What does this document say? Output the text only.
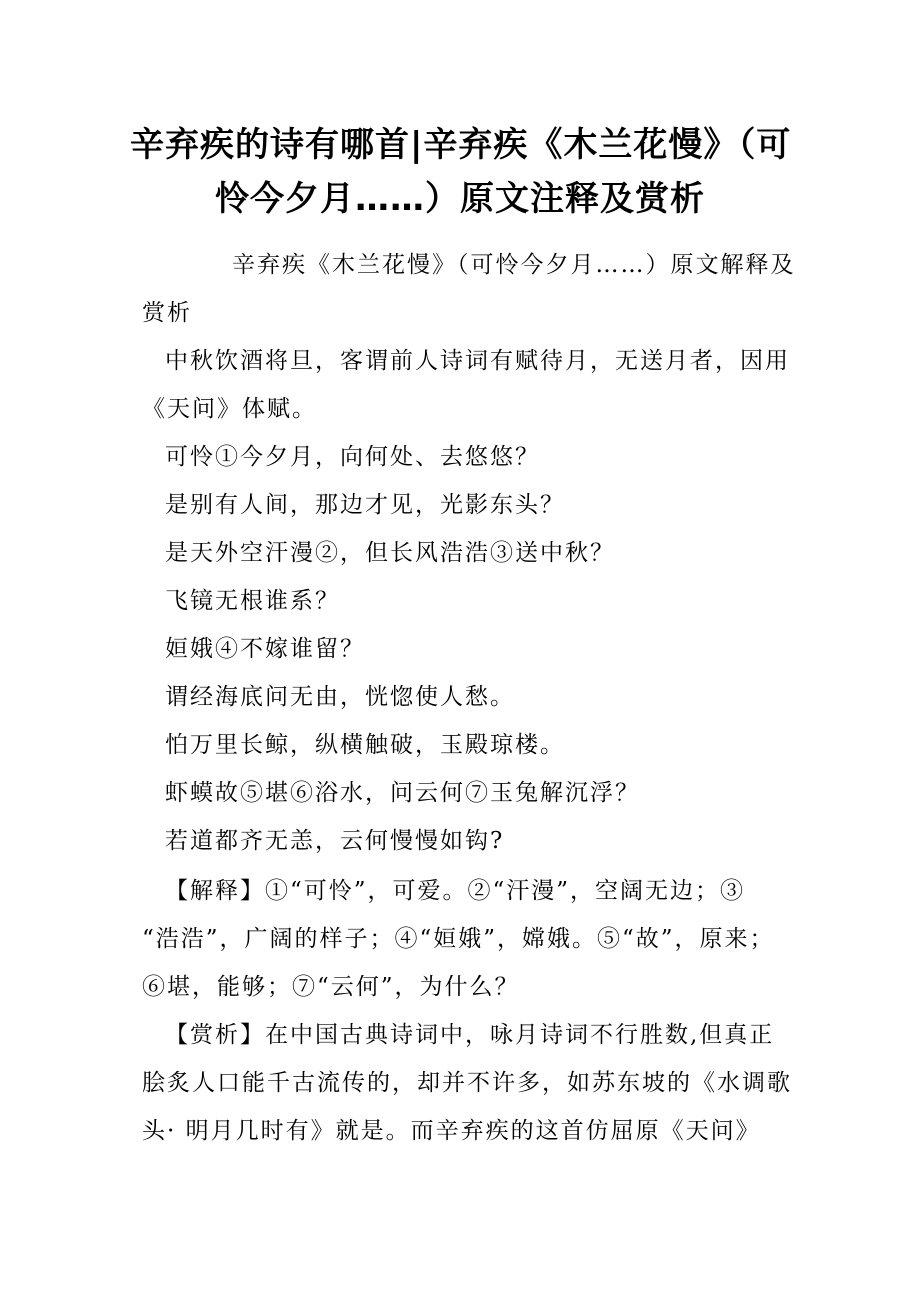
辛弃疾的诗有哪首|辛弃疾《木兰花慢》（可
怜今夕月……）原文注释及赏析
辛弃疾《木兰花慢》（可怜今夕月……）原文解释及
赏析
中秋饮酒将旦，客谓前人诗词有赋待月，无送月者，因用
《天问》体赋。
可怜①今夕月，向何处、去悠悠？
是别有人间，那边才见，光影东头？
是天外空汗漫②，但长风浩浩③送中秋？
飞镜无根谁系？
姮娥④不嫁谁留？
谓经海底问无由，恍惚使人愁。
怕万里长鲸，纵横触破，玉殿琼楼。
虾蟆故⑤堪⑥浴水，问云何⑦玉兔解沉浮？
若道都齐无恙，云何慢慢如钩?
【解释】①“可怜”，可爱。②“汗漫”，空阔无边；③
“浩浩”，广阔的样子；④“姮娥”，嫦娥。⑤“故”，原来；
⑥堪，能够；⑦“云何”，为什么？
【赏析】在中国古典诗词中，咏月诗词不行胜数,但真正
脍炙人口能千古流传的，却并不许多，如苏东坡的《水调歌
头· 明月几时有》就是。而辛弃疾的这首仿屈原《天问》
